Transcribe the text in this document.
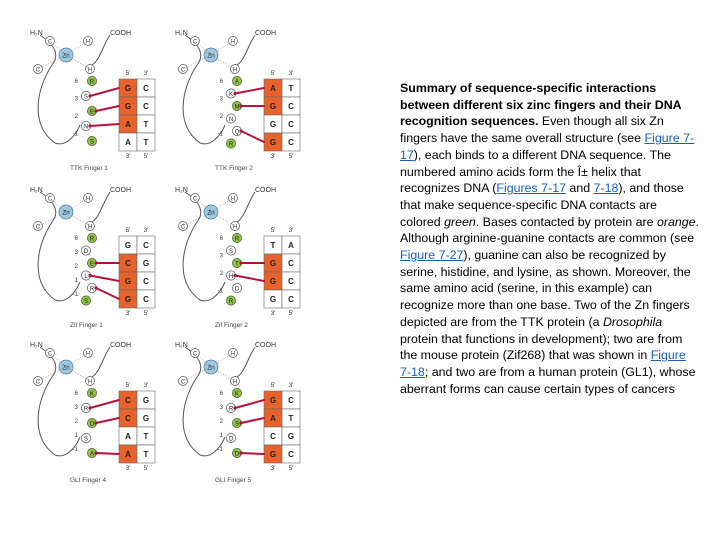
H₂N	COOH
C	H
C	H
Zn
R
S
E
N
S
6
3
2
-1
5' 3'
3' 5'
G C
G C
A T
A T
TTK Finger 1
H₂N	COOH
C	H
C	H
Zn
A
K
M
N
Q
R
6
3
2
-1
5' 3'
3' 5'
A T
G C
G C
G C
TTK Finger 2
H₂N	COOH
C	H
C	H
Zn
R
D
E
L
R
S
6
3
2
1
-1
5' 3'
3' 5'
G C
C G
G C
G C
Zif Finger 1
H₂N	COOH
C	H
C	H
Zn
R
S
T
H
D
R
6
3
2
-1
5' 3'
3' 5'
T A
G C
G C
G C
Zif Finger 2
H₂N	COOH
C	H
C	H
Zn
K
R
D
S
A
6
3
2
1
-1
5' 3'
3' 5'
C G
C G
A T
A T
GLI Finger 4
H₂N	COOH
C	H
C	H
Zn
K
R
S
D
D
6
3
2
1
-1
5' 3'
3' 5'
G C
A T
C G
G C
GLI Finger 5
Summary of sequence-specific interactions between different six zinc fingers and their DNA recognition sequences. Even though all six Zn fingers have the same overall structure (see Figure 7-17), each binds to a different DNA sequence. The numbered amino acids form the Î± helix that recognizes DNA (Figures 7-17 and 7-18), and those that make sequence-specific DNA contacts are colored green. Bases contacted by protein are orange. Although arginine-guanine contacts are common (see Figure 7-27), guanine can also be recognized by serine, histidine, and lysine, as shown. Moreover, the same amino acid (serine, in this example) can recognize more than one base. Two of the Zn fingers depicted are from the TTK protein (a Drosophila protein that functions in development); two are from the mouse protein (Zif268) that was shown in Figure 7-18; and two are from a human protein (GL1), whose aberrant forms can cause certain types of cancers
